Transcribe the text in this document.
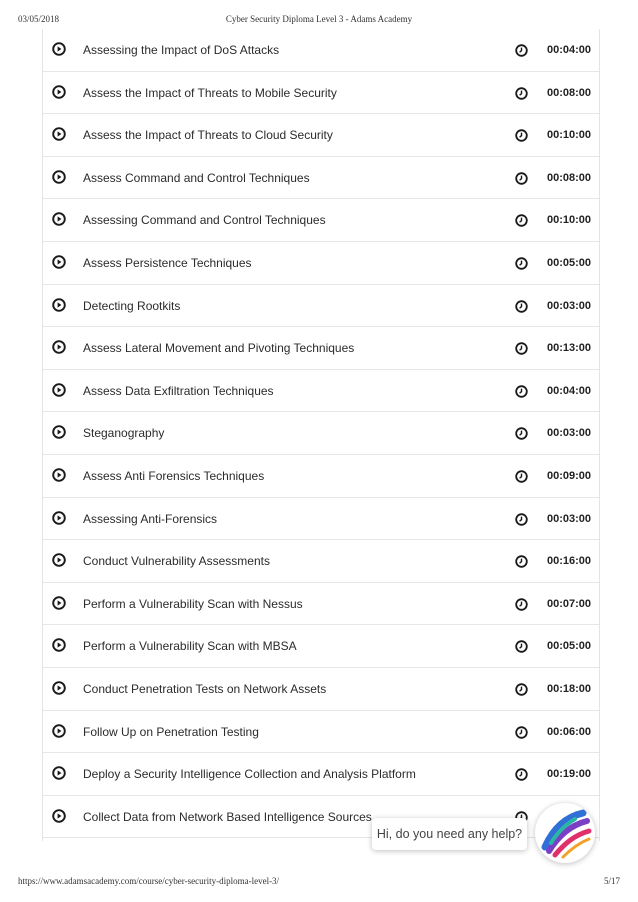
03/05/2018	Cyber Security Diploma Level 3 - Adams Academy
Assessing the Impact of DoS Attacks	00:04:00
Assess the Impact of Threats to Mobile Security	00:08:00
Assess the Impact of Threats to Cloud Security	00:10:00
Assess Command and Control Techniques	00:08:00
Assessing Command and Control Techniques	00:10:00
Assess Persistence Techniques	00:05:00
Detecting Rootkits	00:03:00
Assess Lateral Movement and Pivoting Techniques	00:13:00
Assess Data Exfiltration Techniques	00:04:00
Steganography	00:03:00
Assess Anti Forensics Techniques	00:09:00
Assessing Anti-Forensics	00:03:00
Conduct Vulnerability Assessments	00:16:00
Perform a Vulnerability Scan with Nessus	00:07:00
Perform a Vulnerability Scan with MBSA	00:05:00
Conduct Penetration Tests on Network Assets	00:18:00
Follow Up on Penetration Testing	00:06:00
Deploy a Security Intelligence Collection and Analysis Platform	00:19:00
Collect Data from Network Based Intelligence Sources
Hi, do you need any help?
https://www.adamsacademy.com/course/cyber-security-diploma-level-3/	5/17
